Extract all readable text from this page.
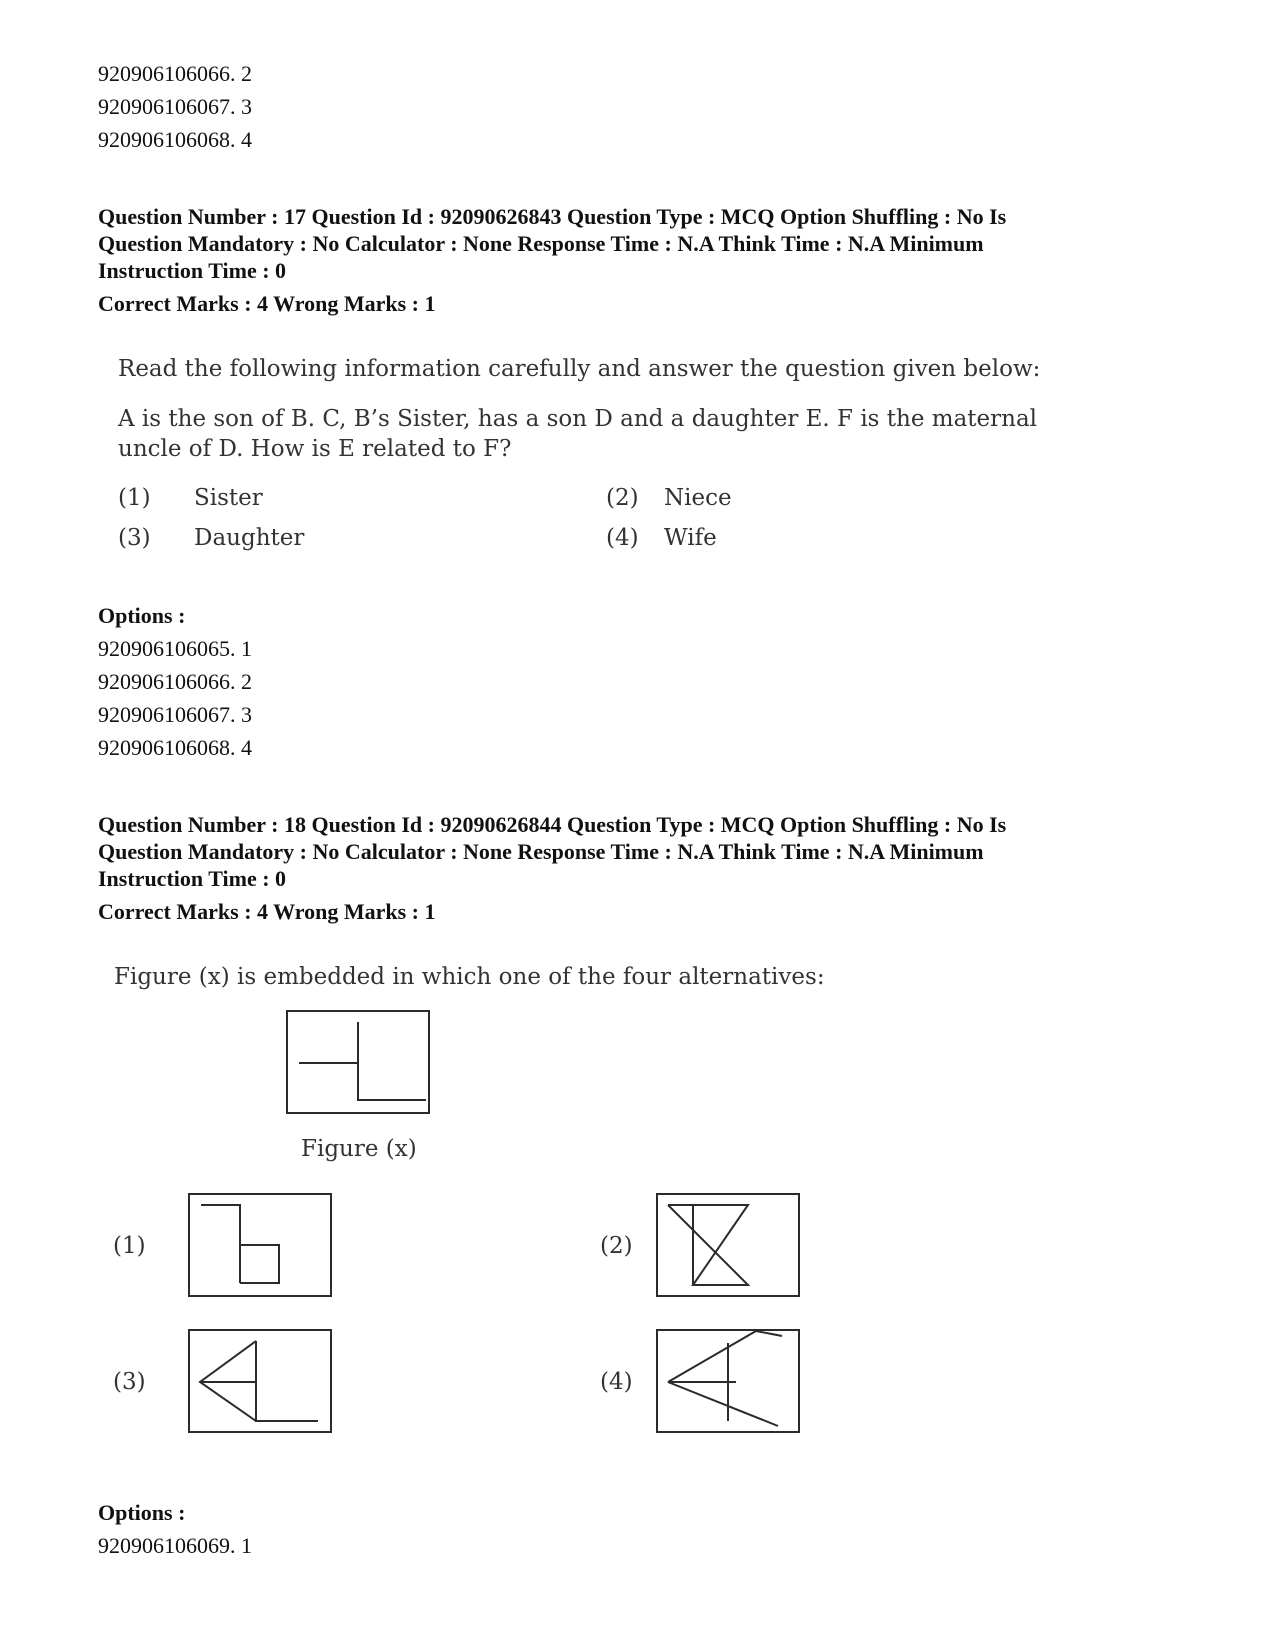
920906106066. 2
920906106067. 3
920906106068. 4
Question Number : 17 Question Id : 92090626843 Question Type : MCQ Option Shuffling : No Is
Question Mandatory : No Calculator : None Response Time : N.A Think Time : N.A Minimum
Instruction Time : 0
Correct Marks : 4 Wrong Marks : 1
Read the following information carefully and answer the question given below:
A is the son of B. C, B’s Sister, has a son D and a daughter E. F is the maternal
uncle of D. How is E related to F?
(1) Sister	(2) Niece
(3) Daughter	(4) Wife
Options :
920906106065. 1
920906106066. 2
920906106067. 3
920906106068. 4
Question Number : 18 Question Id : 92090626844 Question Type : MCQ Option Shuffling : No Is
Question Mandatory : No Calculator : None Response Time : N.A Think Time : N.A Minimum
Instruction Time : 0
Correct Marks : 4 Wrong Marks : 1
Figure (x) is embedded in which one of the four alternatives:
Figure (x)
(1)	(2)
(3)	(4)
Options :
920906106069. 1
